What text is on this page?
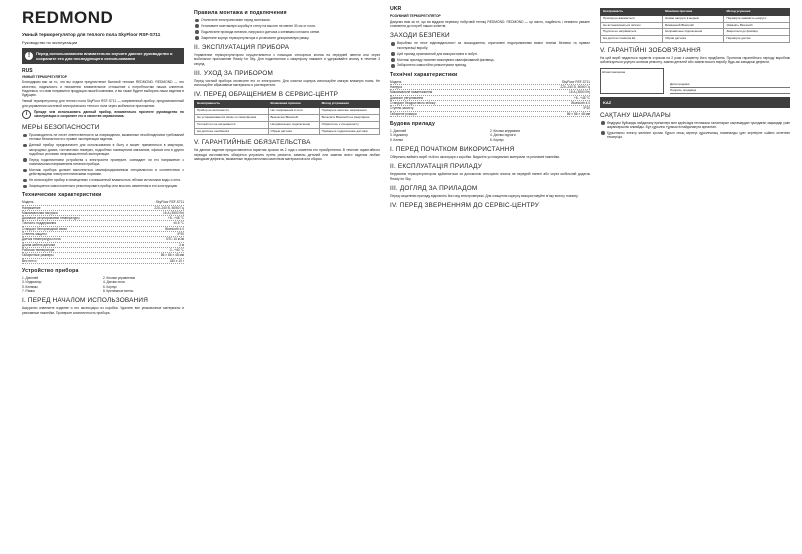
REDMOND
Умный терморегулятор для теплого пола SkyFloor RSF-S711
Руководство по эксплуатации
!	Перед использованием внимательно изучите данное руководство и сохраните его для последующего использования
RUS
УМНЫЙ ТЕРМОРЕГУЛЯТОР
Благодарим вас за то, что вы отдали предпочтение бытовой технике REDMOND. REDMOND — это качество, надежность и неизменно внимательное отношение к потребностям наших клиентов. Надеемся, что вам понравится продукция нашей компании, и вы также будете выбирать наши изделия в будущем.
Умный терморегулятор для теплого пола SkyFloor RSF-S711 — современный прибор, предназначенный для управления системой электрического теплого пола через мобильное приложение.
i	Прежде чем использовать данный прибор, внимательно прочтите руководство по эксплуатации и сохраните его в качестве справочника.
МЕРЫ БЕЗОПАСНОСТИ
Производитель не несет ответственности за повреждения, вызванные несоблюдением требований техники безопасности и правил эксплуатации изделия.
Данный прибор предназначен для использования в быту и может применяться в квартирах, загородных домах, гостиничных номерах, подсобных помещениях магазинов, офисов или в других подобных условиях непромышленной эксплуатации.
Перед подключением устройства к электросети проверьте, совпадает ли его напряжение с номинальным напряжением питания прибора.
Монтаж прибора должен выполняться квалифицированным специалистом в соответствии с действующими электротехническими нормами.
Не используйте прибор в помещениях с повышенной влажностью, вблизи источников воды и огня.
Запрещается самостоятельно ремонтировать прибор или вносить изменения в его конструкцию.
Технические характеристики
Модель	SkyFloor RSF-S711
Напряжение	220–240 В, 50/60 Гц
Максимальная нагрузка	16 А (3500 Вт)
Диапазон регулирования температуры	+5...+45 °C
Точность поддержания	±0,5 °C
Стандарт беспроводной связи	Bluetooth 4.0
Степень защиты	IP20
Датчик температуры пола	NTC 10 кОм
Длина кабеля датчика	3 м
Рабочая температура	0...+40 °C
Габаритные размеры	86 × 86 × 48 мм
Вес нетто	180 ± 10 г
Устройство прибора
1. Дисплей	2. Кнопки управления
3. Индикатор	4. Датчик пола
5. Клеммы	6. Корпус
7. Рамка	8. Крепежные винты
I. ПЕРЕД НАЧАЛОМ ИСПОЛЬЗОВАНИЯ
Аккуратно извлеките изделие и его аксессуары из коробки. Удалите все упаковочные материалы и рекламные наклейки. Проверьте комплектность прибора.
Правила монтажа и подключения
Отключите электропитание перед монтажом.
Установите монтажную коробку в стену на высоте не менее 30 см от пола.
Подключите провода питания, нагрузки и датчика к клеммам согласно схеме.
Закрепите корпус терморегулятора и установите декоративную рамку.
II. ЭКСПЛУАТАЦИЯ ПРИБОРА
Управление терморегулятором осуществляется с помощью сенсорных кнопок на передней панели или через мобильное приложение Ready for Sky. Для подключения к смартфону нажмите и удерживайте кнопку в течение 3 секунд.
III. УХОД ЗА ПРИБОРОМ
Перед чисткой прибора отключите его от электросети. Для очистки корпуса используйте мягкую влажную ткань. Не используйте абразивные материалы и растворители.
IV. ПЕРЕД ОБРАЩЕНИЕМ В СЕРВИС-ЦЕНТР
Неисправность	Возможная причина	Метод устранения
Прибор не включается	Нет напряжения в сети	Проверьте наличие напряжения
Не устанавливается связь со смартфоном	Выключен Bluetooth	Включите Bluetooth на смартфоне
Теплый пол не нагревается	Неправильное подключение	Обратитесь к специалисту
На дисплее ошибка E1	Обрыв датчика	Проверьте подключение датчика
V. ГАРАНТИЙНЫЕ ОБЯЗАТЕЛЬСТВА
На данное изделие предоставляется гарантия сроком на 2 года с момента его приобретения. В течение гарантийного периода изготовитель обязуется устранить путем ремонта, замены деталей или замены всего изделия любые заводские дефекты, вызванные недостаточным качеством материалов или сборки.
UKR
РОЗУМНИЙ ТЕРМОРЕГУЛЯТОР
Дякуємо вам за те, що ви віддали перевагу побутовій техніці REDMOND. REDMOND — це якість, надійність і незмінно уважне ставлення до потреб наших клієнтів.
ЗАХОДИ БЕЗПЕКИ
Виробник не несе відповідальності за пошкодження, спричинені недотриманням вимог техніки безпеки та правил експлуатації виробу.
Цей прилад призначений для використання в побуті.
Монтаж приладу повинен виконувати кваліфікований фахівець.
Заборонено самостійно ремонтувати прилад.
Технічні характеристики
Модель	SkyFloor RSF-S711
Напруга	220–240 В, 50/60 Гц
Максимальне навантаження	16 А (3500 Вт)
Діапазон регулювання	+5...+45 °C
Стандарт бездротового зв'язку	Bluetooth 4.0
Ступінь захисту	IP20
Габаритні розміри	86 × 86 × 48 мм
Будова приладу
1. Дисплей	2. Кнопки керування
3. Індикатор	4. Датчик підлоги
5. Клеми	6. Корпус
I. ПЕРЕД ПОЧАТКОМ ВИКОРИСТАННЯ
Обережно вийміть виріб та його аксесуари з коробки. Видаліть усі пакувальні матеріали та рекламні наклейки.
II. ЕКСПЛУАТАЦІЯ ПРИЛАДУ
Керування терморегулятором здійснюється за допомогою сенсорних кнопок на передній панелі або через мобільний додаток Ready for Sky.
III. ДОГЛЯД ЗА ПРИЛАДОМ
Перед чищенням приладу відключіть його від електромережі. Для очищення корпусу використовуйте м'яку вологу тканину.
IV. ПЕРЕД ЗВЕРНЕННЯМ ДО СЕРВІС-ЦЕНТРУ
Несправність	Можлива причина	Метод усунення
Прилад не вмикається	Немає напруги в мережі	Перевірте наявність напруги
Не встановлюється зв'язок	Вимкнений Bluetooth	Увімкніть Bluetooth
Підлога не нагрівається	Неправильне підключення	Зверніться до фахівця
На дисплеї помилка E1	Обрив датчика	Перевірте датчик
V. ГАРАНТІЙНІ ЗОБОВ'ЯЗАННЯ
На цей виріб надається гарантія строком на 2 роки з моменту його придбання. Протягом гарантійного періоду виробник зобов'язується усунути шляхом ремонту, заміни деталей або заміни всього виробу будь-які заводські дефекти.
Штамп магазина
Дата продажи
Подпись продавца
KAZ
САҚТАНУ ШАРАЛАРЫ
Өндіруші бұйымды пайдалану ережелері мен қауіпсіздік техникасы талаптарын сақтамаудан туындаған зақымдар үшін жауапкершілік алмайды. Бұл құрылғы тұрмыста пайдалануға арналған.
Құрылғыны электр желісіне қоспас бұрын оның кернеуі құрылғының номиналды қуат кернеуіне сәйкес келетінін тексеріңіз.
